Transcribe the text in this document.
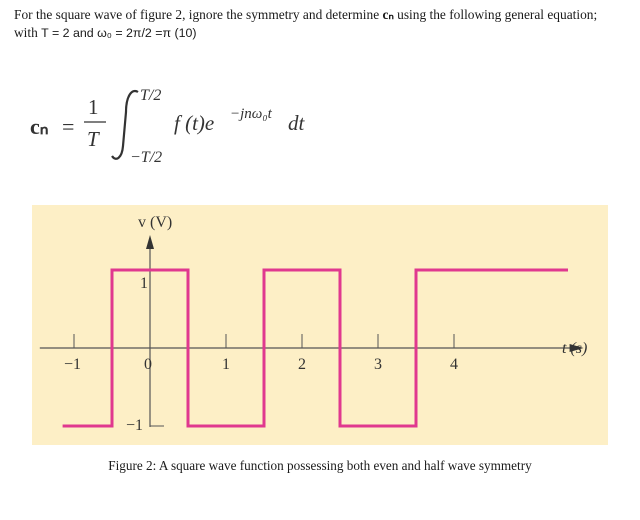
For the square wave of figure 2, ignore the symmetry and determine cₙ using the following general equation; with T = 2 and ω₀ = 2π/2 =π (10)

cₙ =
1
T
T/2
−T/2
f (t)e −jnω₀t dt
−1	0	1	2	3	4
1
−1
v (V)
t (s)

Figure 2: A square wave function possessing both even and half wave symmetry
